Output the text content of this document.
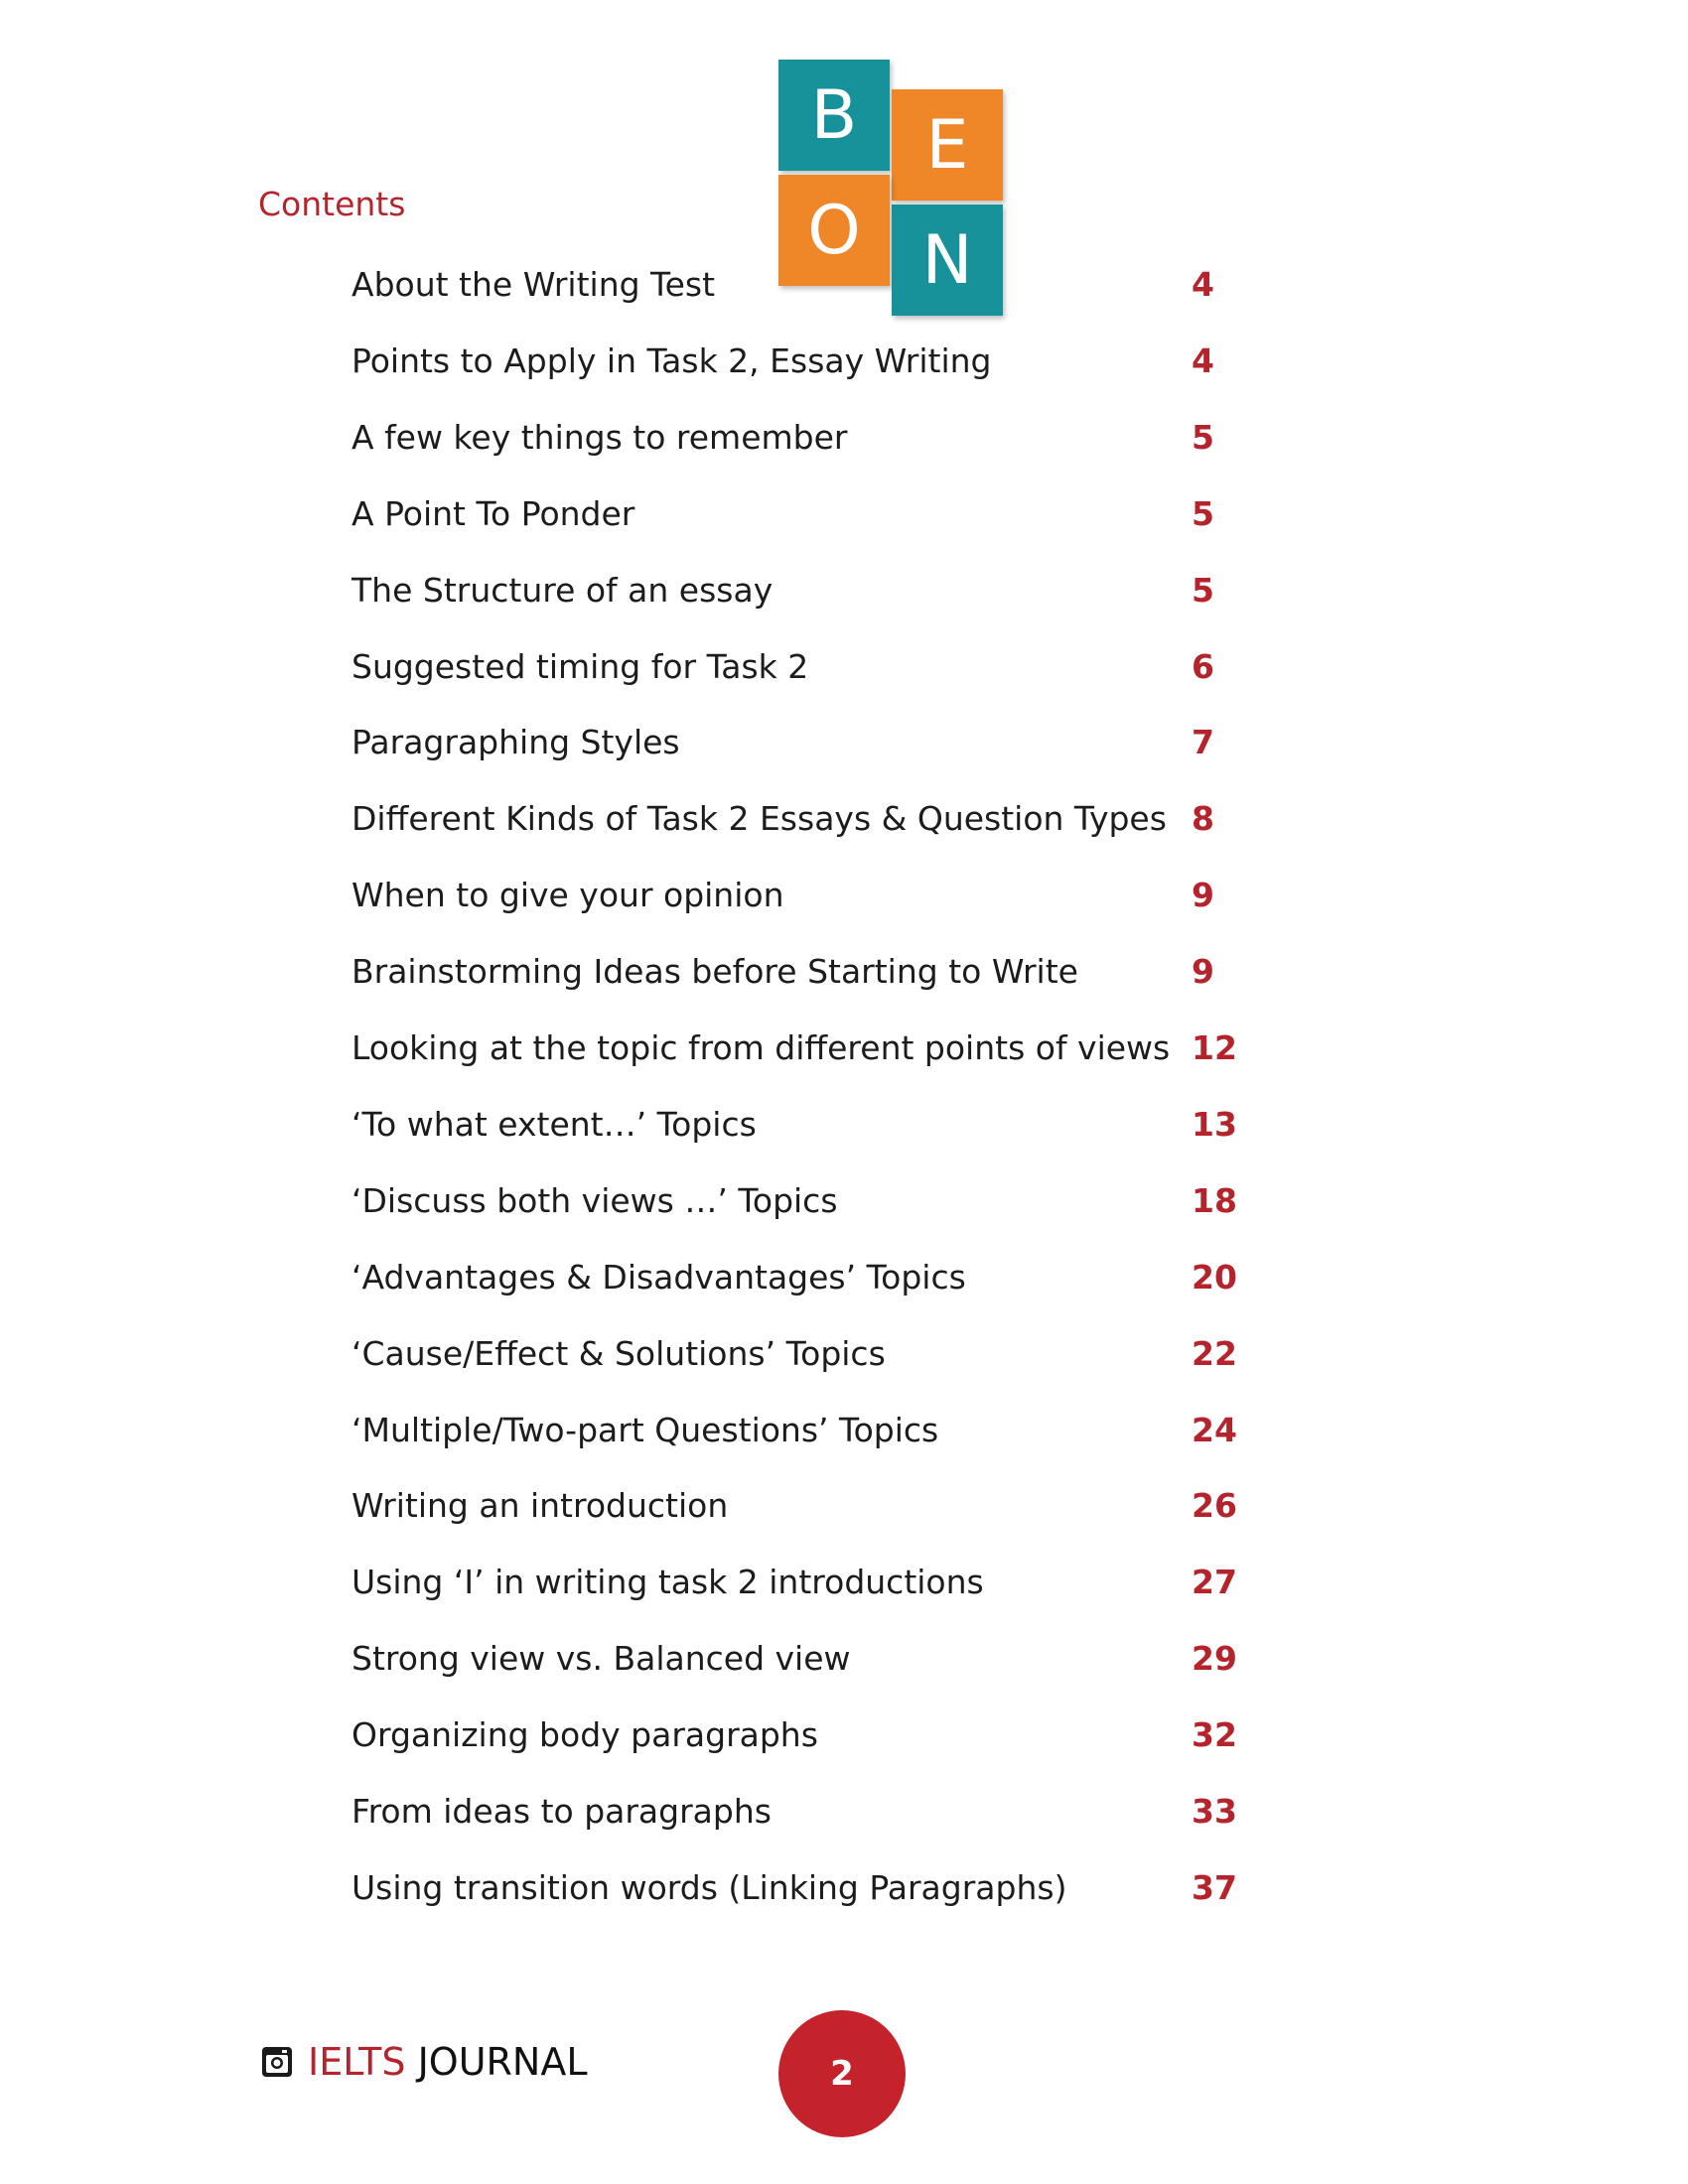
B	E
O N
Contents
About the Writing Test	4
Points to Apply in Task 2, Essay Writing	4
A few key things to remember	5
A Point To Ponder	5
The Structure of an essay	5
Suggested timing for Task 2	6
Paragraphing Styles	7
Different Kinds of Task 2 Essays & Question Types 8
When to give your opinion	9
Brainstorming Ideas before Starting to Write	9
Looking at the topic from different points of views 12
‘To what extent…’ Topics	13
‘Discuss both views …’ Topics	18
‘Advantages & Disadvantages’ Topics	20
‘Cause/Effect & Solutions’ Topics	22
‘Multiple/Two-part Questions’ Topics	24
Writing an introduction	26
Using ‘I’ in writing task 2 introductions	27
Strong view vs. Balanced view	29
Organizing body paragraphs	32
From ideas to paragraphs	33
Using transition words (Linking Paragraphs)	37
IELTS JOURNAL	2
